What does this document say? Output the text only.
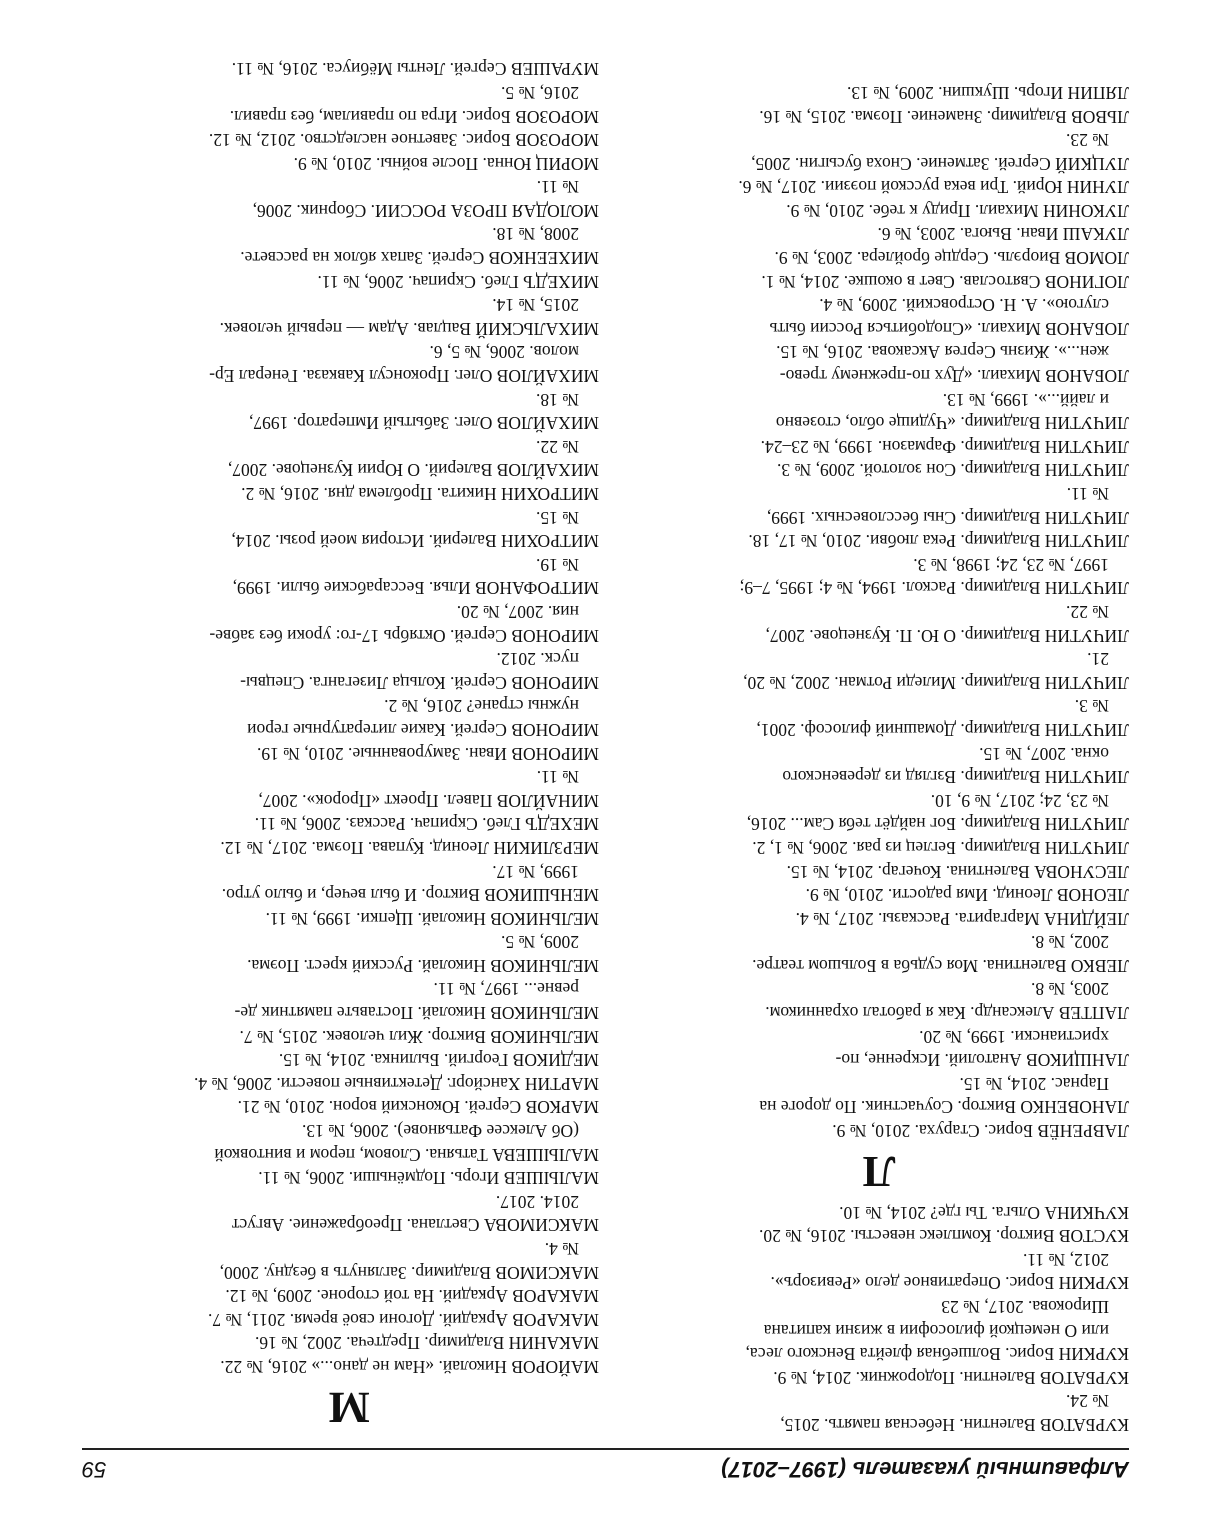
Алфавитный указатель (1997–2017)
59
КУРБАТОВ Валентин. Небесная память. 2015,
№ 24.
КУРБАТОВ Валентин. Подорожник. 2014, № 9.
КУРКИН Борис. Волшебная флейта Венского леса,
или О немецкой философии в жизни капитана
Широкова. 2017, № 23
КУРКИН Борис. Оперативное дело «Ревизоръ».
2012, № 11.
КУСТОВ Виктор. Комплекс невесты. 2016, № 20.
КУЧКИНА Ольга. Ты где? 2014, № 10.
Л
ЛАВРЕНЁВ Борис. Старуха. 2010, № 9.
ЛАНОВЕНКО Виктор. Соучастник. По дороге на
Парнас. 2014, № 15.
ЛАНЩИКОВ Анатолий. Искренне, по-
христиански. 1999, № 20.
ЛАПТЕВ Александр. Как я работал охранником.
2003, № 8.
ЛЕВКО Валентина. Моя судьба в Большом театре.
2002, № 8.
ЛЕЙДИНА Маргарита. Рассказы. 2017, № 4.
ЛЕОНОВ Леонид. Имя радости. 2010, № 9.
ЛЕСУНОВА Валентина. Кочегар. 2014, № 15.
ЛИЧУТИН Владимир. Беглец из рая. 2006, № 1, 2.
ЛИЧУТИН Владимир. Бог найдёт тебя Сам... 2016,
№ 23, 24; 2017, № 9, 10.
ЛИЧУТИН Владимир. Взгляд из деревенского
окна. 2007, № 15.
ЛИЧУТИН Владимир. Домашний философ. 2001,
№ 3.
ЛИЧУТИН Владимир. Миледи Ротман. 2002, № 20,
21.
ЛИЧУТИН Владимир. О Ю. П. Кузнецове. 2007,
№ 22.
ЛИЧУТИН Владимир. Раскол. 1994, № 4; 1995, 7–9;
1997, № 23, 24; 1998, № 3.
ЛИЧУТИН Владимир. Река любви. 2010, № 17, 18.
ЛИЧУТИН Владимир. Сны бессловесных. 1999,
№ 11.
ЛИЧУТИН Владимир. Сон золотой. 2009, № 3.
ЛИЧУТИН Владимир. Фармазон. 1999, № 23–24.
ЛИЧУТИН Владимир. «Чудище обло, стозевно
и лайй...». 1999, № 13.
ЛОБАНОВ Михаил. «Дух по-прежнему трево-
жен...». Жизнь Сергея Аксакова. 2016, № 15.
ЛОБАНОВ Михаил. «Сподобиться России быть
слугою». А. Н. Островский. 2009, № 4.
ЛОГИНОВ Святослав. Свет в окошке. 2014, № 1.
ЛОМОВ Виорэль. Сердце бройлера. 2003, № 9.
ЛУКАШ Иван. Вьюга. 2003, № 6.
ЛУКОНИН Михаил. Приду к тебе. 2010, № 9.
ЛУНИН Юрий. Три века русской поэзии. 2017, № 6.
ЛУЦКИЙ Сергей. Затмение. Сноха бусыгин. 2005,
№ 23.
ЛЬВОВ Владимир. Знамение. Поэма. 2015, № 16.
ЛЯПИН Игорь. Шукшин. 2009, № 13.
М
МАЙОРОВ Николай. «Нам не дано...» 2016, № 22.
МАКАНИН Владимир. Предтеча. 2002, № 16.
МАКАРОВ Аркадий. Догони своё время. 2011, № 7.
МАКАРОВ Аркадий. На той стороне. 2009, № 12.
МАКСИМОВ Владимир. Заглянуть в бездну. 2000,
№ 4.
МАКСИМОВА Светлана. Преображение. Август
2014. 2017.
МАЛЫШЕВ Игорь. Подмёныши. 2006, № 11.
МАЛЫШЕВА Татьяна. Словом, пером и винтовкой
(Об Алексее Фатьянове). 2006, № 13.
МАРКОВ Сергей. Юконский ворон. 2010, № 21.
МАРТИН Хансйорг. Детективные повести. 2006, № 4.
МЕДИКОВ Георгий. Былинка. 2014, № 15.
МЕЛЬНИКОВ Виктор. Жил человек. 2015, № 7.
МЕЛЬНИКОВ Николай. Поставьте памятник де-
ревне... 1997, № 11.
МЕЛЬНИКОВ Николай. Русский крест. Поэма.
2009, № 5.
МЕЛЬНИКОВ Николай. Щепки. 1999, № 11.
МЕНЬШИКОВ Виктор. И был вечер, и было утро.
1999, № 17.
МЕРЗЛИКИН Леонид. Купава. Поэма. 2017, № 12.
МЕХЕДЪ Глеб. Скрипач. Рассказ. 2006, № 11.
МИНАЙЛОВ Павел. Проект «Пророк». 2007,
№ 11.
МИРОНОВ Иван. Замурованные. 2010, № 19.
МИРОНОВ Сергей. Какие литературные герои
нужны стране? 2016, № 2.
МИРОНОВ Сергей. Кольца Лизеганга. Спецвы-
пуск. 2012.
МИРОНОВ Сергей. Октябрь 17-го: уроки без забве-
ния. 2007, № 20.
МИТРОФАНОВ Илья. Бессарабские были. 1999,
№ 19.
МИТРОХИН Валерий. История моей розы. 2014,
№ 15.
МИТРОХИН Никита. Проблема дня. 2016, № 2.
МИХАЙЛОВ Валерий. О Юрии Кузнецове. 2007,
№ 22.
МИХАЙЛОВ Олег. Забытый Император. 1997,
№ 18.
МИХАЙЛОВ Олег. Проконсул Кавказа. Генерал Ер-
молов. 2006, № 5, 6.
МИХАЛЬСКИЙ Вацлав. Адам — первый человек.
2015, № 14.
МИХЕДЪ Глеб. Скрипач. 2006, № 11.
МИХЕЕНКОВ Сергей. Запах яблок на рассвете.
2008, № 18.
МОЛОДАЯ ПРОЗА РОССИИ. Сборник. 2006,
№ 11.
МОРИЦ Юнна. После войны. 2010, № 9.
МОРОЗОВ Борис. Заветное наследство. 2012, № 12.
МОРОЗОВ Борис. Игра по правилам, без правил.
2016, № 5.
МУРАШЕВ Сергей. Ленты Мёбиуса. 2016, № 11.
